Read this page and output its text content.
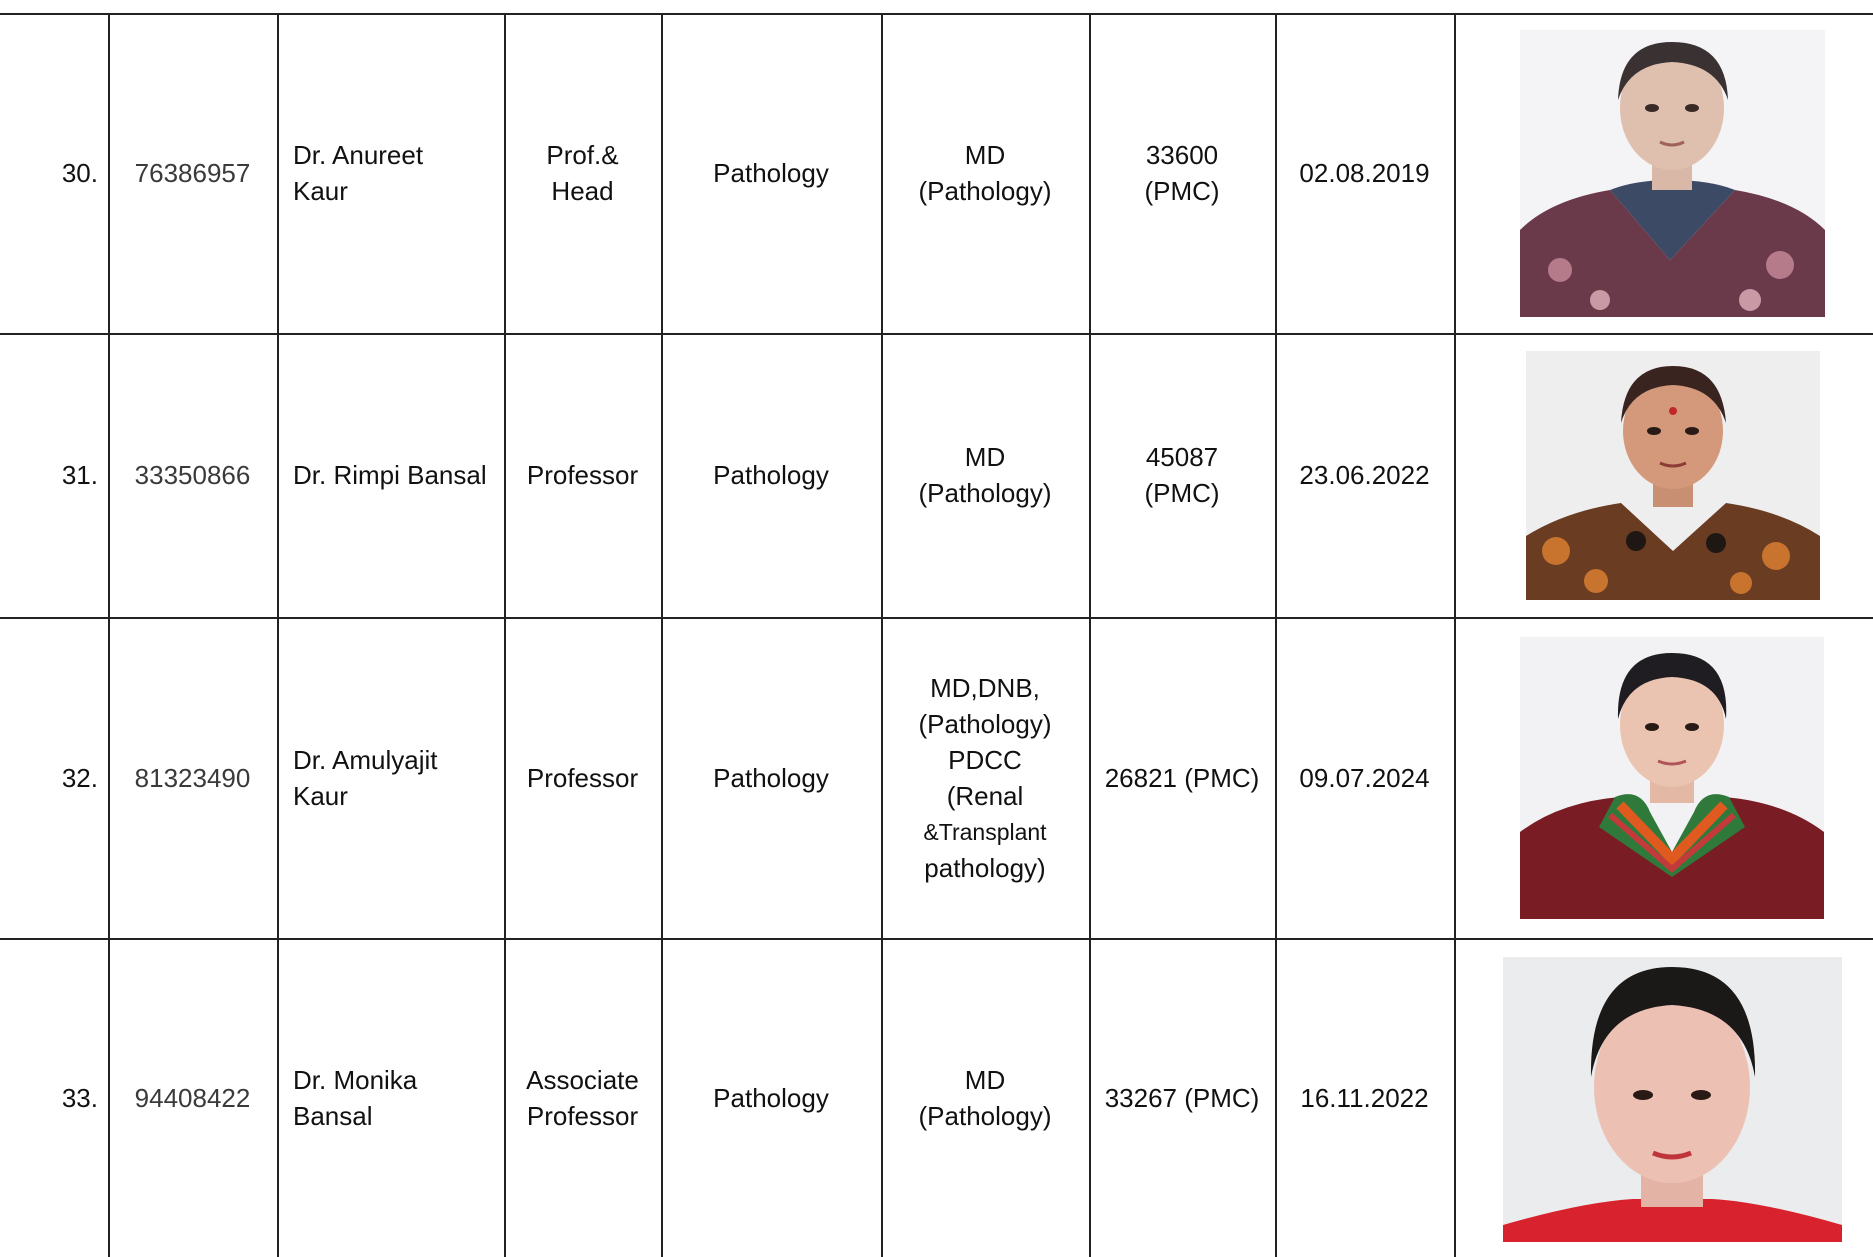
30. 76386957
Dr. Anureet
Kaur
Prof.&
Head
Pathology
MD
(Pathology)
33600
(PMC)
02.08.2019
31. 33350866 Dr. Rimpi Bansal Professor	Pathology
MD
(Pathology)
45087
(PMC)
23.06.2022
32. 81323490
Dr. Amulyajit
Kaur
Professor	Pathology
MD,DNB,
(Pathology)
PDCC
(Renal
&Transplant
pathology)
26821 (PMC) 09.07.2024
33. 94408422
Dr. Monika
Bansal
Associate
Professor
Pathology
MD
(Pathology)
33267 (PMC) 16.11.2022
